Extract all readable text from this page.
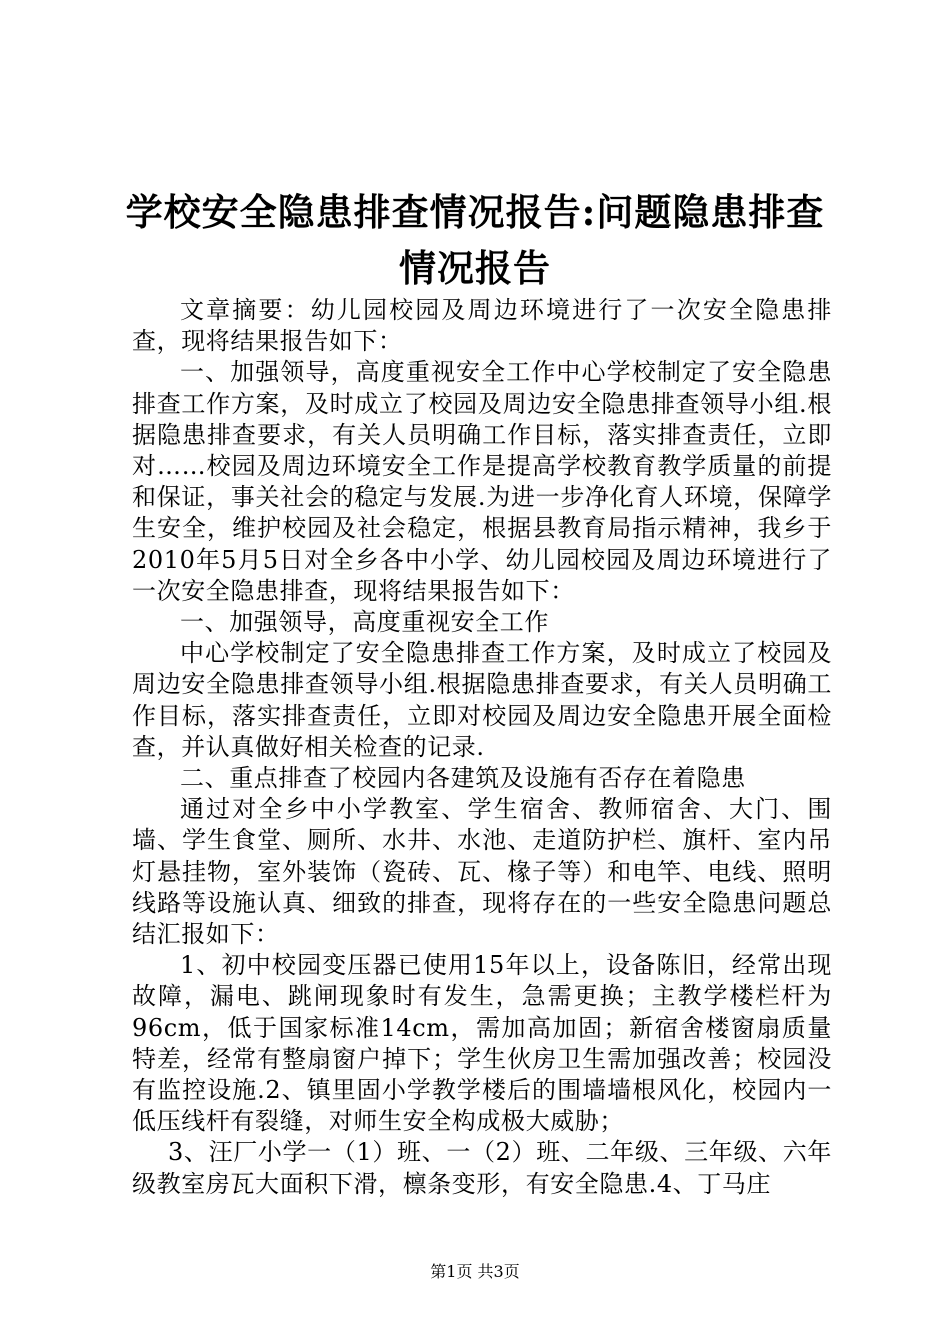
学校安全隐患排查情况报告:问题隐患排查情况报告

文章摘要：幼儿园校园及周边环境进行了一次安全隐患排查，现将结果报告如下：

一、加强领导，高度重视安全工作中心学校制定了安全隐患排查工作方案，及时成立了校园及周边安全隐患排查领导小组.根据隐患排查要求，有关人员明确工作目标，落实排查责任，立即对……校园及周边环境安全工作是提高学校教育教学质量的前提和保证，事关社会的稳定与发展.为进一步净化育人环境，保障学生安全，维护校园及社会稳定，根据县教育局指示精神，我乡于2010年5月5日对全乡各中小学、幼儿园校园及周边环境进行了一次安全隐患排查，现将结果报告如下：

一、加强领导，高度重视安全工作

中心学校制定了安全隐患排查工作方案，及时成立了校园及周边安全隐患排查领导小组.根据隐患排查要求，有关人员明确工作目标，落实排查责任，立即对校园及周边安全隐患开展全面检查，并认真做好相关检查的记录.

二、重点排查了校园内各建筑及设施有否存在着隐患

通过对全乡中小学教室、学生宿舍、教师宿舍、大门、围墙、学生食堂、厕所、水井、水池、走道防护栏、旗杆、室内吊灯悬挂物，室外装饰（瓷砖、瓦、椽子等）和电竿、电线、照明线路等设施认真、细致的排查，现将存在的一些安全隐患问题总结汇报如下：

1、初中校园变压器已使用15年以上，设备陈旧，经常出现故障，漏电、跳闸现象时有发生，急需更换；主教学楼栏杆为96cm，低于国家标准14cm，需加高加固；新宿舍楼窗扇质量特差，经常有整扇窗户掉下；学生伙房卫生需加强改善；校园没有监控设施.2、镇里固小学教学楼后的围墙墙根风化，校园内一低压线杆有裂缝，对师生安全构成极大威胁；

3、汪厂小学一（1）班、一（2）班、二年级、三年级、六年级教室房瓦大面积下滑，檩条变形，有安全隐患.4、丁马庄

第1页 共3页
